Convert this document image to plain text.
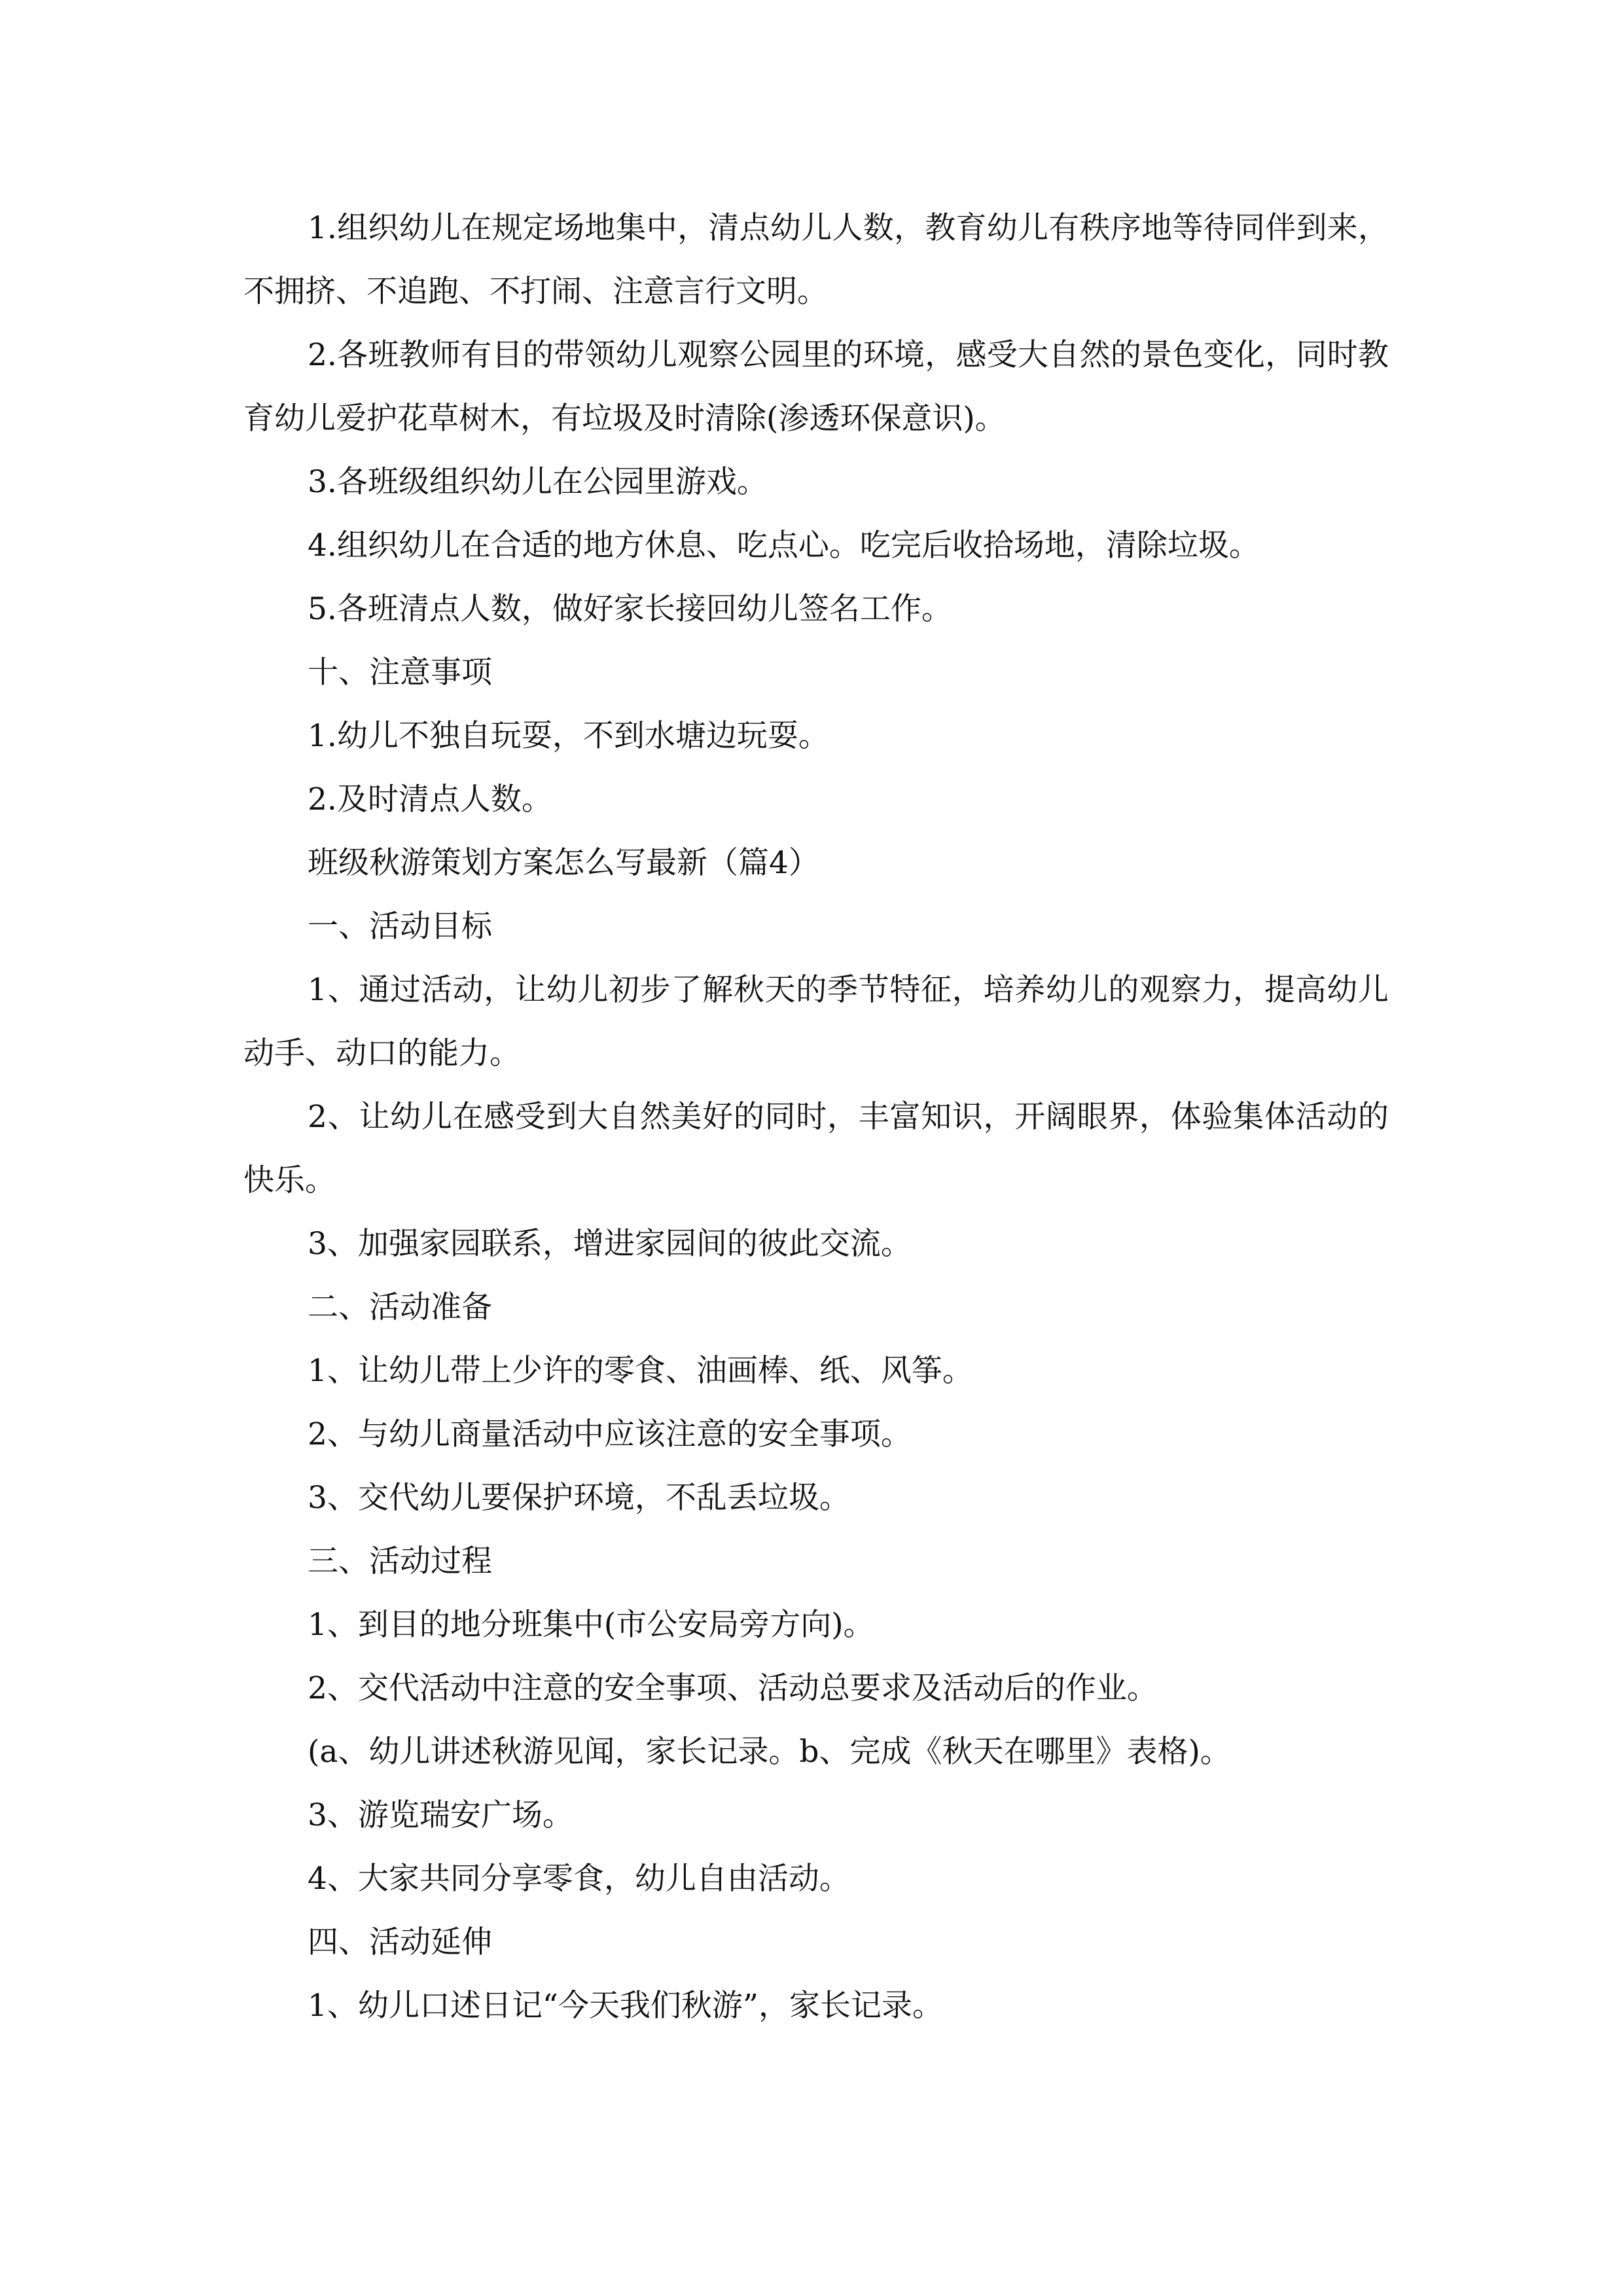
1.组织幼儿在规定场地集中，清点幼儿人数，教育幼儿有秩序地等待同伴到来，不拥挤、不追跑、不打闹、注意言行文明。

2.各班教师有目的带领幼儿观察公园里的环境，感受大自然的景色变化，同时教育幼儿爱护花草树木，有垃圾及时清除(渗透环保意识)。

3.各班级组织幼儿在公园里游戏。

4.组织幼儿在合适的地方休息、吃点心。吃完后收拾场地，清除垃圾。

5.各班清点人数，做好家长接回幼儿签名工作。

十、注意事项

1.幼儿不独自玩耍，不到水塘边玩耍。

2.及时清点人数。

班级秋游策划方案怎么写最新（篇4）

一、活动目标

1、通过活动，让幼儿初步了解秋天的季节特征，培养幼儿的观察力，提高幼儿动手、动口的能力。

2、让幼儿在感受到大自然美好的同时，丰富知识，开阔眼界，体验集体活动的快乐。

3、加强家园联系，增进家园间的彼此交流。

二、活动准备

1、让幼儿带上少许的零食、油画棒、纸、风筝。

2、与幼儿商量活动中应该注意的安全事项。

3、交代幼儿要保护环境，不乱丢垃圾。

三、活动过程

1、到目的地分班集中(市公安局旁方向)。

2、交代活动中注意的安全事项、活动总要求及活动后的作业。

(a、幼儿讲述秋游见闻，家长记录。b、完成《秋天在哪里》表格)。

3、游览瑞安广场。

4、大家共同分享零食，幼儿自由活动。

四、活动延伸

1、幼儿口述日记“今天我们秋游”，家长记录。
